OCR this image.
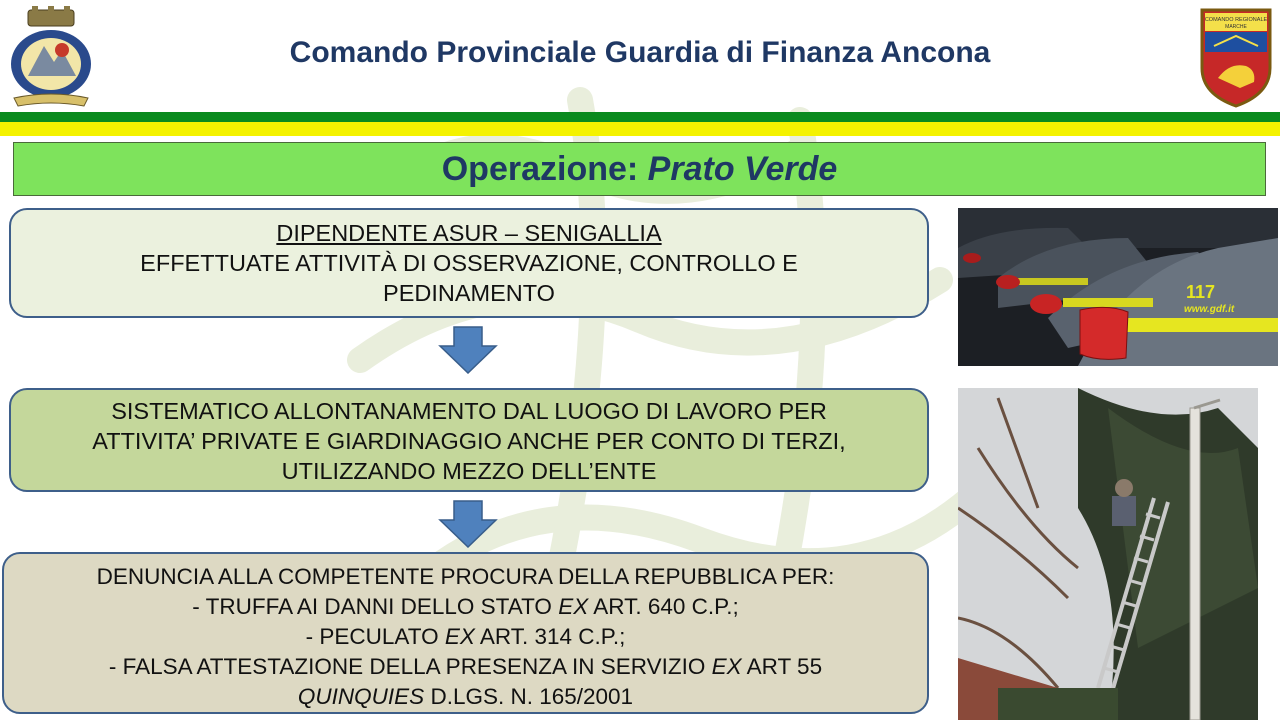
Comando Provinciale Guardia di Finanza Ancona
COMANDO REGIONALE
MARCHE
Operazione: Prato Verde
DIPENDENTE ASUR – SENIGALLIA
EFFETTUATE ATTIVITÀ DI OSSERVAZIONE, CONTROLLO E
PEDINAMENTO
SISTEMATICO ALLONTANAMENTO DAL LUOGO DI LAVORO PER
ATTIVITA’ PRIVATE E GIARDINAGGIO ANCHE PER CONTO DI TERZI,
UTILIZZANDO MEZZO DELL’ENTE
DENUNCIA ALLA COMPETENTE PROCURA DELLA REPUBBLICA PER:
- TRUFFA AI DANNI DELLO STATO EX ART. 640 C.P.;
- PECULATO EX ART. 314 C.P.;
- FALSA ATTESTAZIONE DELLA PRESENZA IN SERVIZIO EX ART 55
QUINQUIES D.LGS. N. 165/2001
117
www.gdf.it
